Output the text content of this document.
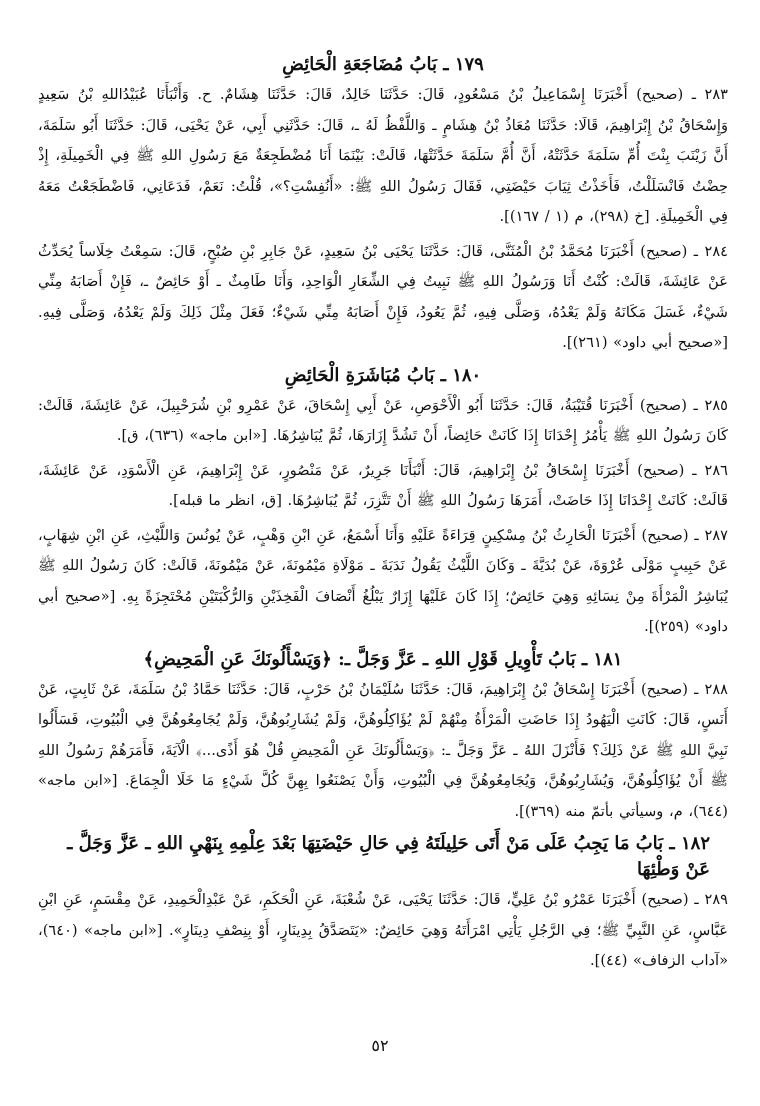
١٧٩ ـ بَابُ مُضَاجَعَةِ الْحَائِضِ

٢٨٣ ـ (صحيح) أَخْبَرَنَا إِسْمَاعِيلُ بْنُ مَسْعُودٍ، قَالَ: حَدَّثَنَا خَالِدٌ، قَالَ: حَدَّثَنَا هِشَامٌ. ح. وَأَنْبَأَنَا عُبَيْدُاللهِ بْنُ سَعِيدٍ وَإِسْحَاقُ بْنُ إِبْرَاهِيمَ، قَالَا: حَدَّثَنَا مُعَاذُ بْنُ هِشَامٍ ـ وَاللَّفْظُ لَهُ ـ، قَالَ: حَدَّثَنِي أَبِي، عَنْ يَحْيَى، قَالَ: حَدَّثَنَا أَبُو سَلَمَةَ، أَنَّ زَيْنَبَ بِنْتَ أُمِّ سَلَمَةَ حَدَّثَتْهُ، أَنَّ أُمَّ سَلَمَةَ حَدَّثَتْهَا، قَالَتْ: بَيْنَمَا أَنَا مُضْطَجِعَةٌ مَعَ رَسُولِ اللهِ ﷺ فِي الْخَمِيلَةِ، إِذْ حِضْتُ فَانْسَلَلْتُ، فَأَخَذْتُ ثِيَابَ حَيْضَتِي، فَقَالَ رَسُولُ اللهِ ﷺ: «أَنُفِسْتِ؟»، قُلْتُ: نَعَمْ، فَدَعَانِي، فَاضْطَجَعْتُ مَعَهُ فِي الْخَمِيلَةِ. [خ (٢٩٨)، م (١ / ١٦٧)].

٢٨٤ ـ (صحيح) أَخْبَرَنَا مُحَمَّدُ بْنُ الْمُثَنَّى، قَالَ: حَدَّثَنَا يَحْيَى بْنُ سَعِيدٍ، عَنْ جَابِرِ بْنِ صُبْحٍ، قَالَ: سَمِعْتُ خِلَاساً يُحَدِّثُ عَنْ عَائِشَةَ، قَالَتْ: كُنْتُ أَنَا وَرَسُولُ اللهِ ﷺ نَبِيتُ فِي الشِّعَارِ الْوَاحِدِ، وَأَنَا طَامِثٌ ـ أَوْ حَائِضٌ ـ، فَإِنْ أَصَابَهُ مِنِّي شَيْءٌ، غَسَلَ مَكَانَهُ وَلَمْ يَعْدُهُ، وَصَلَّى فِيهِ، ثُمَّ يَعُودُ، فَإِنْ أَصَابَهُ مِنِّي شَيْءٌ؛ فَعَلَ مِثْلَ ذَلِكَ وَلَمْ يَعْدُهُ، وَصَلَّى فِيهِ. [«صحيح أبي داود» (٢٦١)].

١٨٠ ـ بَابُ مُبَاشَرَةِ الْحَائِضِ

٢٨٥ ـ (صحيح) أَخْبَرَنَا قُتَيْبَةُ، قَالَ: حَدَّثَنَا أَبُو الْأَحْوَصِ، عَنْ أَبِي إِسْحَاقَ، عَنْ عَمْرِو بْنِ شُرَحْبِيلَ، عَنْ عَائِشَةَ، قَالَتْ: كَانَ رَسُولُ اللهِ ﷺ يَأْمُرُ إِحْدَانَا إِذَا كَانَتْ حَائِضاً، أَنْ تَشُدَّ إِزَارَهَا، ثُمَّ يُبَاشِرُهَا. [«ابن ماجه» (٦٣٦)، ق].

٢٨٦ ـ (صحيح) أَخْبَرَنَا إِسْحَاقُ بْنُ إِبْرَاهِيمَ، قَالَ: أَنْبَأَنَا جَرِيرٌ، عَنْ مَنْصُورٍ، عَنْ إِبْرَاهِيمَ، عَنِ الْأَسْوَدِ، عَنْ عَائِشَةَ، قَالَتْ: كَانَتْ إِحْدَانَا إِذَا حَاضَتْ، أَمَرَهَا رَسُولُ اللهِ ﷺ أَنْ تَتَّزِرَ، ثُمَّ يُبَاشِرُهَا. [ق، انظر ما قبله].

٢٨٧ ـ (صحيح) أَخْبَرَنَا الْحَارِثُ بْنُ مِسْكِينٍ قِرَاءَةً عَلَيْهِ وَأَنَا أَسْمَعُ، عَنِ ابْنِ وَهْبٍ، عَنْ يُونُسَ وَاللَّيْثِ، عَنِ ابْنِ شِهَابٍ، عَنْ حَبِيبٍ مَوْلَى عُرْوَةَ، عَنْ بُدَيَّةَ ـ وَكَانَ اللَّيْثُ يَقُولُ نَدَبَةَ ـ مَوْلَاةِ مَيْمُونَةَ، عَنْ مَيْمُونَةَ، قَالَتْ: كَانَ رَسُولُ اللهِ ﷺ يُبَاشِرُ الْمَرْأَةَ مِنْ نِسَائِهِ وَهِيَ حَائِضٌ؛ إِذَا كَانَ عَلَيْهَا إِزَارٌ يَبْلُغُ أَنْصَافَ الْفَخِذَيْنِ وَالرُّكْبَتَيْنِ مُحْتَجِزَةً بِهِ. [«صحيح أبي داود» (٢٥٩)].

١٨١ ـ بَابُ تَأْوِيلِ قَوْلِ اللهِ ـ عَزَّ وَجَلَّ ـ: ﴿وَيَسْأَلُونَكَ عَنِ الْمَحِيضِ﴾

٢٨٨ ـ (صحيح) أَخْبَرَنَا إِسْحَاقُ بْنُ إِبْرَاهِيمَ، قَالَ: حَدَّثَنَا سُلَيْمَانُ بْنُ حَرْبٍ، قَالَ: حَدَّثَنَا حَمَّادُ بْنُ سَلَمَةَ، عَنْ ثَابِتٍ، عَنْ أَنَسٍ، قَالَ: كَانَتِ الْيَهُودُ إِذَا حَاضَتِ الْمَرْأَةُ مِنْهُمْ لَمْ يُؤَاكِلُوهُنَّ، وَلَمْ يُشَارِبُوهُنَّ، وَلَمْ يُجَامِعُوهُنَّ فِي الْبُيُوتِ، فَسَأَلُوا نَبِيَّ اللهِ ﷺ عَنْ ذَلِكَ؟ فَأَنْزَلَ اللهُ ـ عَزَّ وَجَلَّ ـ: ﴿وَيَسْأَلُونَكَ عَنِ الْمَحِيضِ قُلْ هُوَ أَذًى...﴾ الْآيَةَ، فَأَمَرَهُمْ رَسُولُ اللهِ ﷺ أَنْ يُؤَاكِلُوهُنَّ، وَيُشَارِبُوهُنَّ، وَيُجَامِعُوهُنَّ فِي الْبُيُوتِ، وَأَنْ يَصْنَعُوا بِهِنَّ كُلَّ شَيْءٍ مَا خَلَا الْجِمَاعَ. [«ابن ماجه» (٦٤٤)، م، وسيأتي بأتمّ منه (٣٦٩)].

١٨٢ ـ بَابُ مَا يَجِبُ عَلَى مَنْ أَتَى حَلِيلَتَهُ فِي حَالِ حَيْضَتِهَا بَعْدَ عِلْمِهِ بِنَهْيِ اللهِ ـ عَزَّ وَجَلَّ ـ عَنْ وَطْئِهَا

٢٨٩ ـ (صحيح) أَخْبَرَنَا عَمْرُو بْنُ عَلِيٍّ، قَالَ: حَدَّثَنَا يَحْيَى، عَنْ شُعْبَةَ، عَنِ الْحَكَمِ، عَنْ عَبْدِالْحَمِيدِ، عَنْ مِقْسَمٍ، عَنِ ابْنِ عَبَّاسٍ، عَنِ النَّبِيِّ ﷺ؛ فِي الرَّجُلِ يَأْتِي امْرَأَتَهُ وَهِيَ حَائِضٌ: «يَتَصَدَّقُ بِدِينَارٍ، أَوْ بِنِصْفِ دِينَارٍ». [«ابن ماجه» (٦٤٠)، «آداب الزفاف» (٤٤)].

٥٢
